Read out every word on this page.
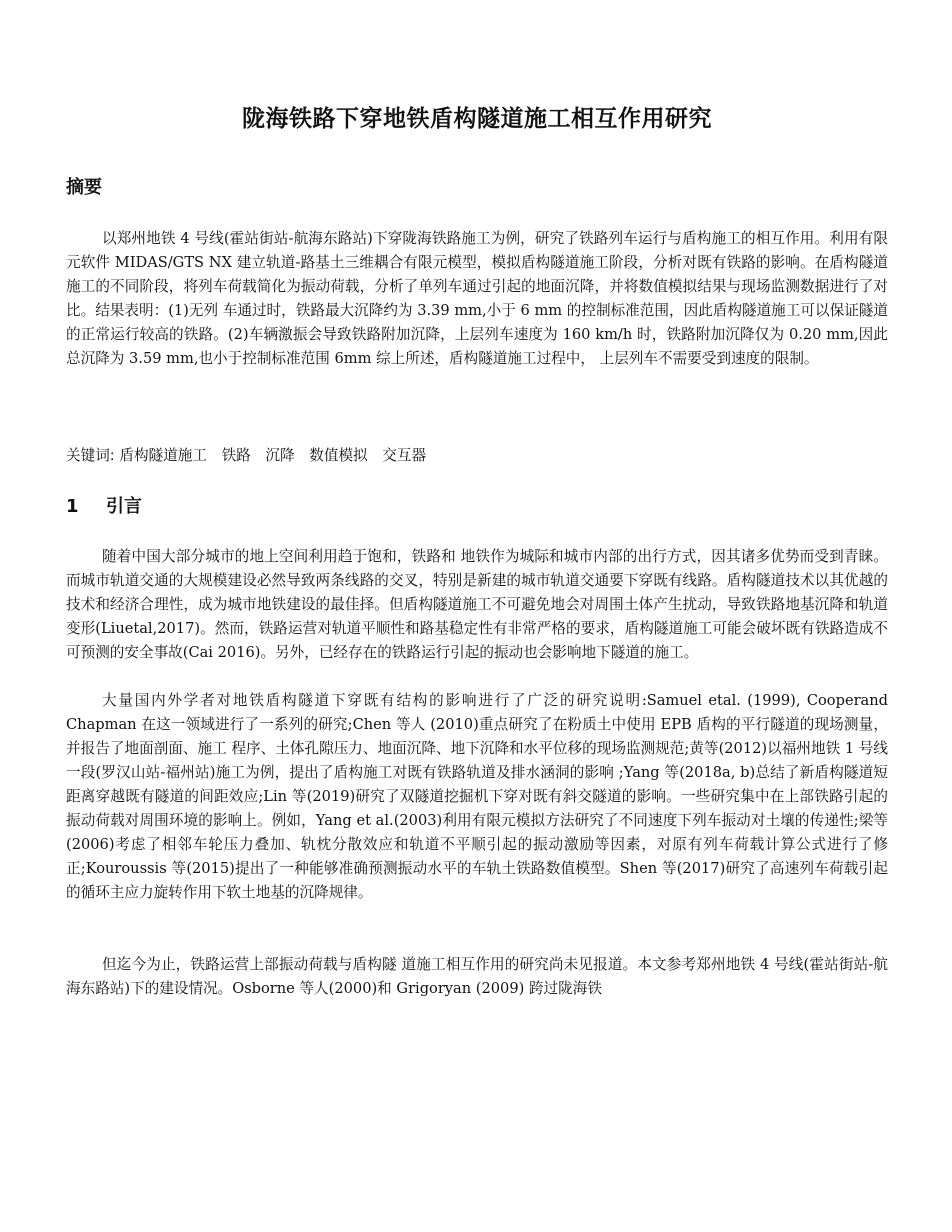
陇海铁路下穿地铁盾构隧道施工相互作用研究
摘要

以郑州地铁 4 号线(霍站街站-航海东路站)下穿陇海铁路施工为例，研究了铁路列车运行与盾构施工的相互作用。利用有限元软件 MIDAS/GTS NX 建立轨道-路基土三维耦合有限元模型，模拟盾构隧道施工阶段，分析对既有铁路的影响。在盾构隧道 施工的不同阶段，将列车荷载简化为振动荷载，分析了单列车通过引起的地面沉降，并将数值模拟结果与现场监测数据进行了对比。结果表明：(1)无列 车通过时，铁路最大沉降约为 3.39 mm,小于 6 mm 的控制标准范围，因此盾构隧道施工可以保证隧道的正常运行较高的铁路。(2)车辆激振会导致铁路附加沉降，上层列车速度为 160 km/h 时，铁路附加沉降仅为 0.20 mm,因此总沉降为 3.59 mm,也小于控制标准范围 6mm 综上所述，盾构隧道施工过程中， 上层列车不需要受到速度的限制。

关键词: 盾构隧道施工 铁路 沉降 数值模拟 交互器
1 引言

随着中国大部分城市的地上空间利用趋于饱和，铁路和 地铁作为城际和城市内部的出行方式，因其诸多优势而受到青睐。而城市轨道交通的大规模建设必然导致两条线路的交叉，特别是新建的城市轨道交通要下穿既有线路。盾构隧道技术以其优越的技术和经济合理性，成为城市地铁建设的最佳择。但盾构隧道施工不可避免地会对周围土体产生扰动，导致铁路地基沉降和轨道变形(Liuetal,2017)。然而，铁路运营对轨道平顺性和路基稳定性有非常严格的要求，盾构隧道施工可能会破坏既有铁路造成不可预测的安全事故(Cai 2016)。另外，已经存在的铁路运行引起的振动也会影响地下隧道的施工。

大量国内外学者对地铁盾构隧道下穿既有结构的影响进行了广泛的研究说明:Samuel etal. (1999), Cooperand Chapman 在这一领域进行了一系列的研究;Chen 等人 (2010)重点研究了在粉质土中使用 EPB 盾构的平行隧道的现场测量，并报告了地面剖面、施工 程序、土体孔隙压力、地面沉降、地下沉降和水平位移的现场监测规范;黄等(2012)以福州地铁 1 号线一段(罗汉山站-福州站)施工为例，提出了盾构施工对既有铁路轨道及排水涵洞的影响 ;Yang 等(2018a, b)总结了新盾构隧道短距离穿越既有隧道的间距效应;Lin 等(2019)研究了双隧道挖掘机下穿对既有斜交隧道的影响。一些研究集中在上部铁路引起的振动荷载对周围环境的影响上。例如，Yang et al.(2003)利用有限元模拟方法研究了不同速度下列车振动对土壤的传递性;梁等(2006)考虑了相邻车轮压力叠加、轨枕分散效应和轨道不平顺引起的振动激励等因素，对原有列车荷载计算公式进行了修正;Kouroussis 等(2015)提出了一种能够准确预测振动水平的车轨土铁路数值模型。Shen 等(2017)研究了高速列车荷载引起的循环主应力旋转作用下软土地基的沉降规律。

但迄今为止，铁路运营上部振动荷载与盾构隧 道施工相互作用的研究尚未见报道。本文参考郑州地铁 4 号线(霍站街站-航海东路站)下的建设情况。Osborne 等人(2000)和 Grigoryan (2009) 跨过陇海铁
